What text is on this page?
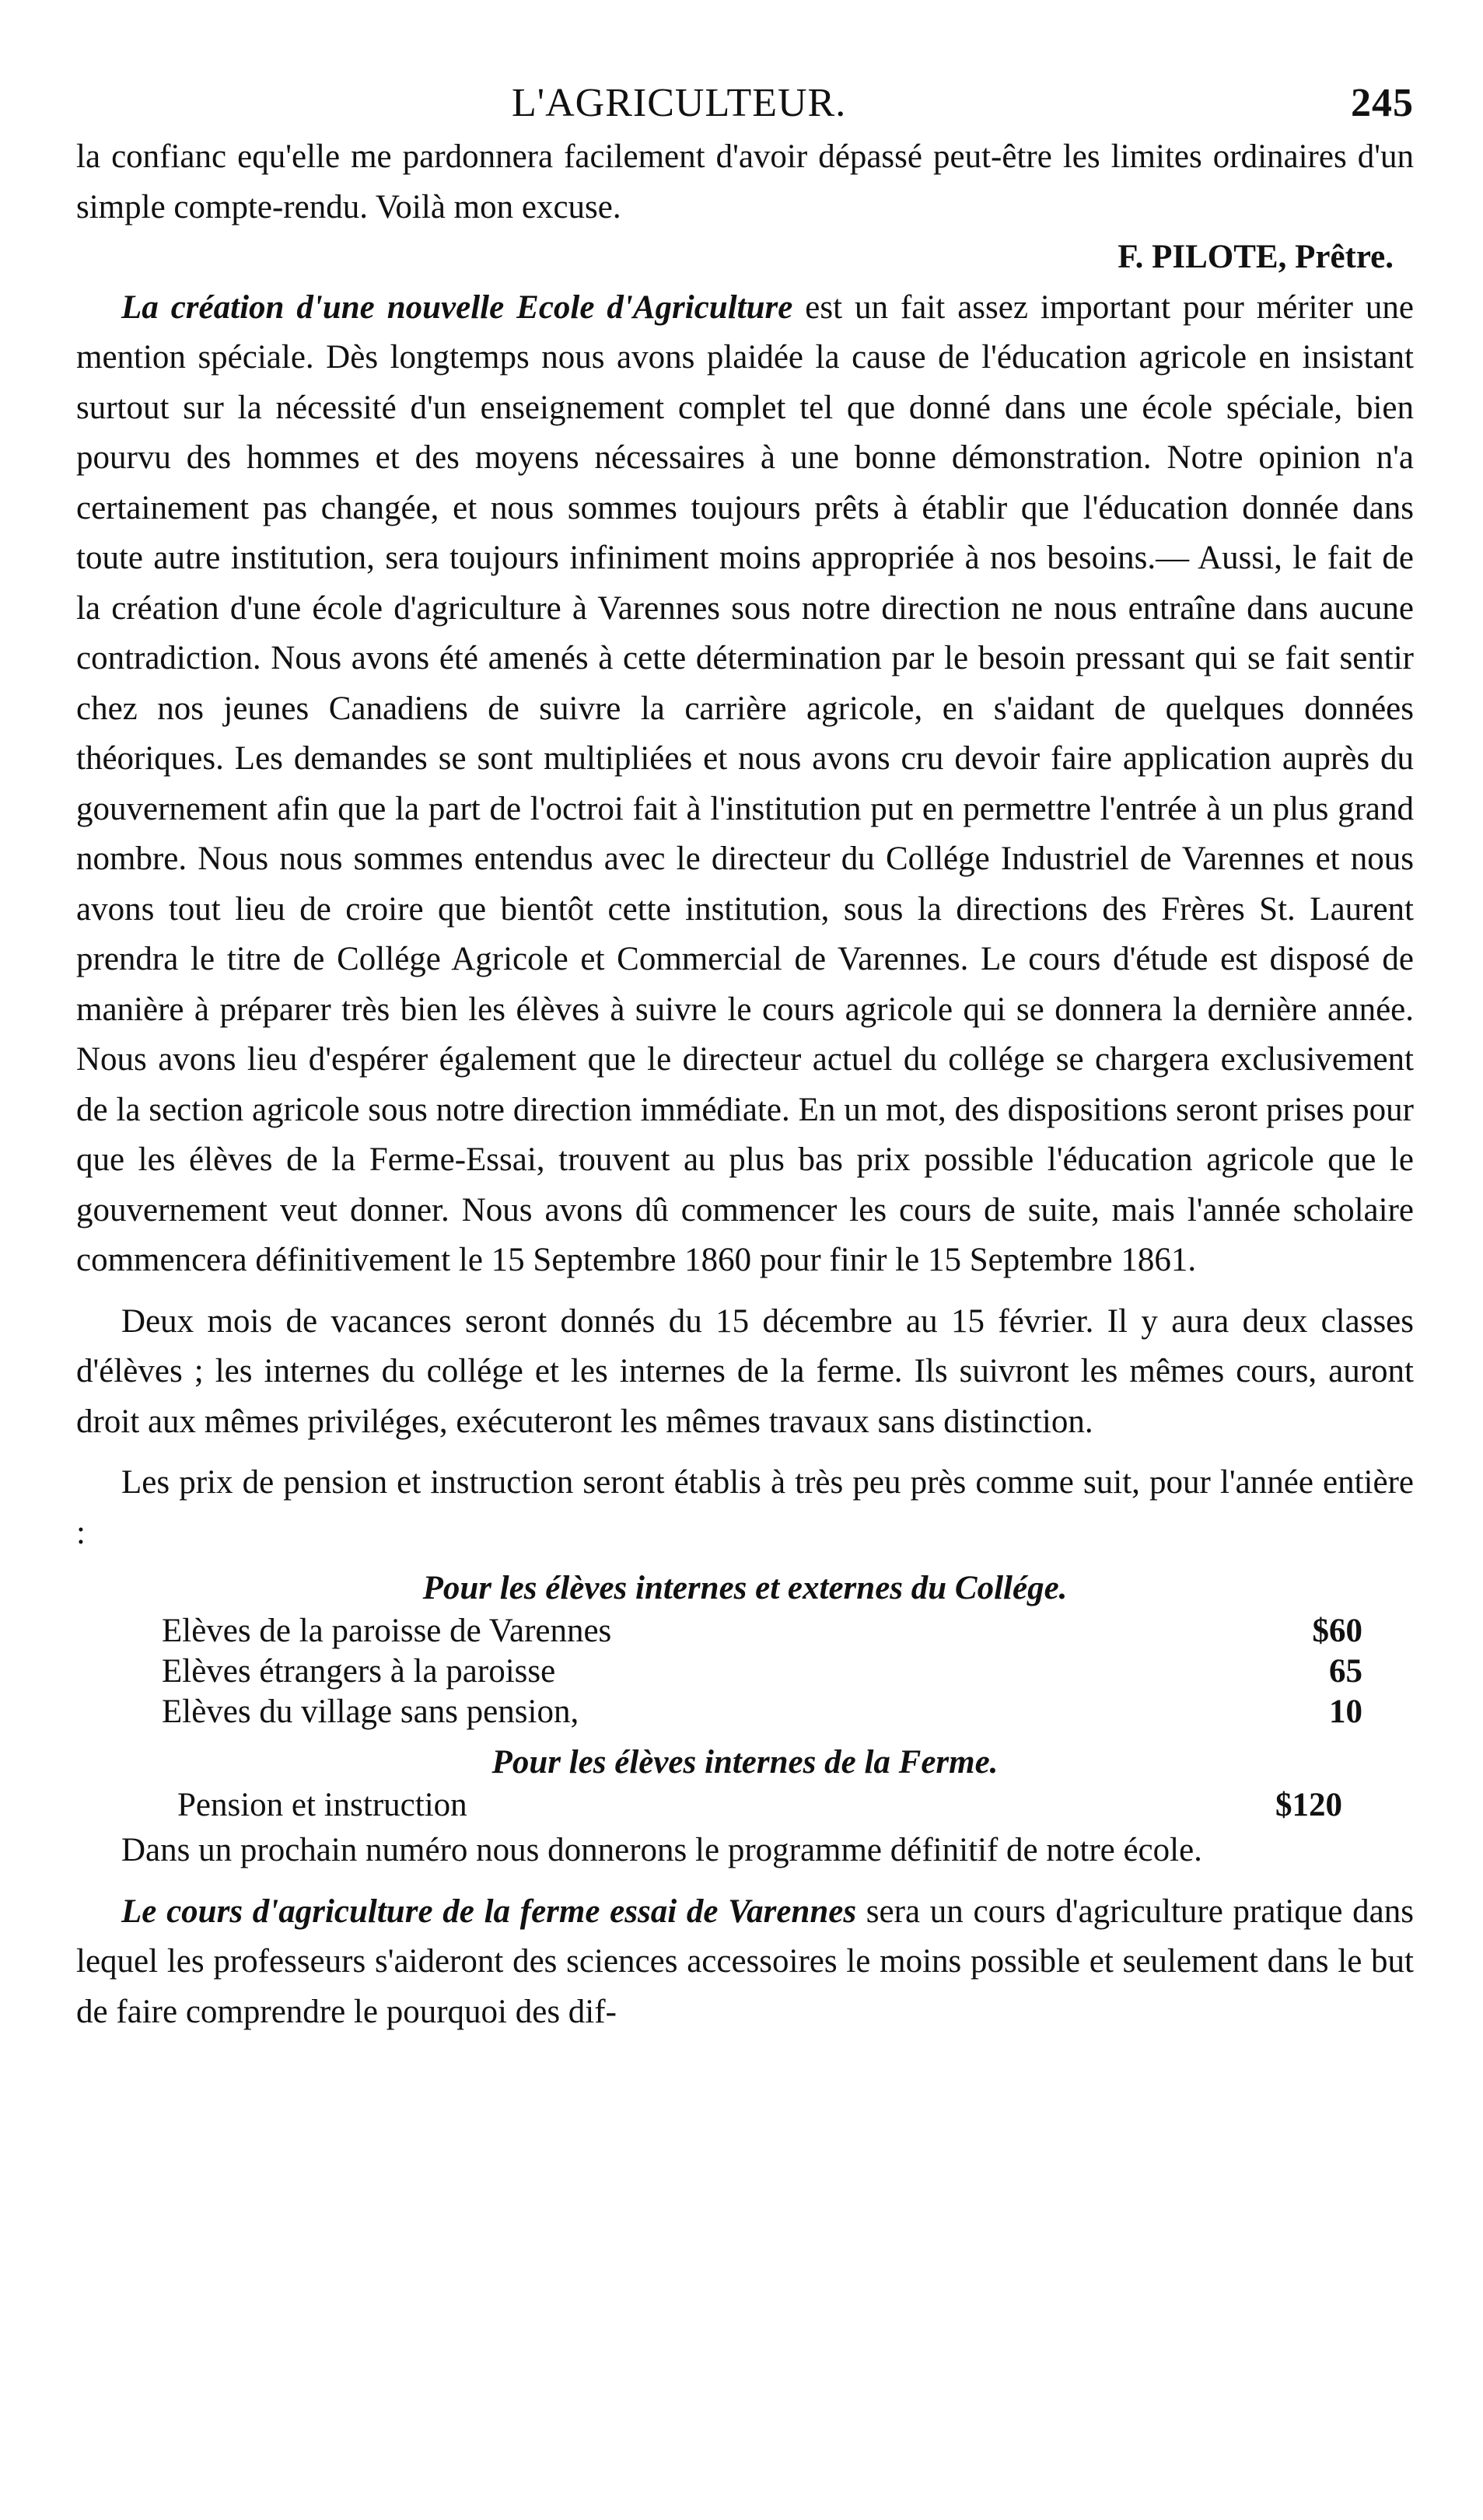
L'AGRICULTEUR.	245

la confianc equ'elle me pardonnera facilement d'avoir dépassé peut-être les limites ordinaires d'un simple compte-rendu. Voilà mon excuse.

F. PILOTE, Prêtre.

La création d'une nouvelle Ecole d'Agriculture est un fait assez important pour mériter une mention spéciale. Dès longtemps nous avons plaidée la cause de l'éducation agricole en insistant surtout sur la nécessité d'un enseignement complet tel que donné dans une école spéciale, bien pourvu des hommes et des moyens nécessaires à une bonne démonstration. Notre opinion n'a certainement pas changée, et nous sommes toujours prêts à établir que l'éducation donnée dans toute autre institution, sera toujours infiniment moins appropriée à nos besoins.— Aussi, le fait de la création d'une école d'agriculture à Varennes sous notre direction ne nous entraîne dans aucune contradiction. Nous avons été amenés à cette détermination par le besoin pressant qui se fait sentir chez nos jeunes Canadiens de suivre la carrière agricole, en s'aidant de quelques données théoriques. Les demandes se sont multipliées et nous avons cru devoir faire application auprès du gouvernement afin que la part de l'octroi fait à l'institution put en permettre l'entrée à un plus grand nombre. Nous nous sommes entendus avec le directeur du Collége Industriel de Varennes et nous avons tout lieu de croire que bientôt cette institution, sous la directions des Frères St. Laurent prendra le titre de Collége Agricole et Commercial de Varennes. Le cours d'étude est disposé de manière à préparer très bien les élèves à suivre le cours agricole qui se donnera la dernière année. Nous avons lieu d'espérer également que le directeur actuel du collége se chargera exclusivement de la section agricole sous notre direction immédiate. En un mot, des dispositions seront prises pour que les élèves de la Ferme-Essai, trouvent au plus bas prix possible l'éducation agricole que le gouvernement veut donner. Nous avons dû commencer les cours de suite, mais l'année scholaire commencera définitivement le 15 Septembre 1860 pour finir le 15 Septembre 1861.

Deux mois de vacances seront donnés du 15 décembre au 15 février. Il y aura deux classes d'élèves ; les internes du collége et les internes de la ferme. Ils suivront les mêmes cours, auront droit aux mêmes priviléges, exécuteront les mêmes travaux sans distinction.

Les prix de pension et instruction seront établis à très peu près comme suit, pour l'année entière :

Pour les élèves internes et externes du Collége.

Elèves de la paroisse de Varennes	$60
Elèves étrangers à la paroisse	65
Elèves du village sans pension,	10

Pour les élèves internes de la Ferme.

Pension et instruction	$120

Dans un prochain numéro nous donnerons le programme définitif de notre école.

Le cours d'agriculture de la ferme essai de Varennes sera un cours d'agriculture pratique dans lequel les professeurs s'aideront des sciences accessoires le moins possible et seulement dans le but de faire comprendre le pourquoi des dif-
